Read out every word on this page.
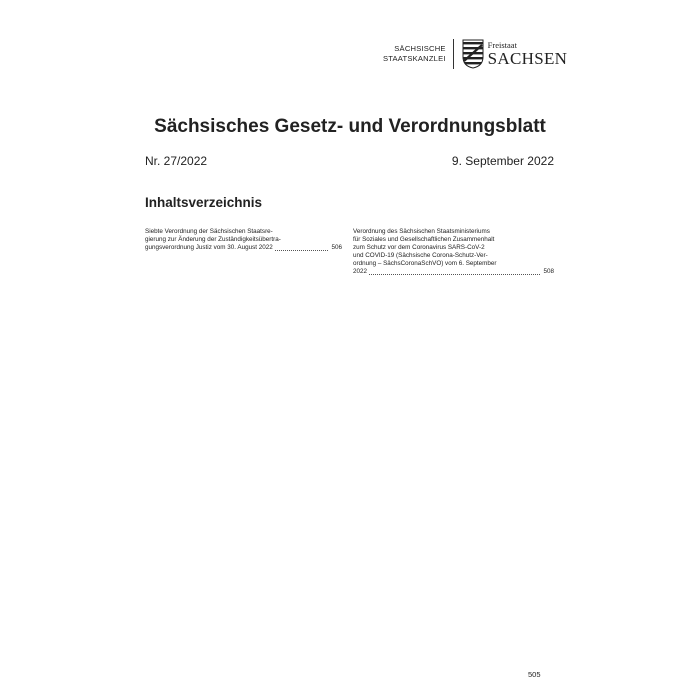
SÄCHSISCHE
STAATSKANZLEI
Freistaat
SACHSEN
Sächsisches Gesetz- und Verordnungsblatt
Nr. 27/2022	9. September 2022
Inhaltsverzeichnis
Siebte Verordnung der Sächsischen Staatsre-
gierung zur Änderung der Zuständigkeitsübertra-
gungsverordnung Justiz vom 30. August 2022	506
Verordnung des Sächsischen Staatsministeriums
für Soziales und Gesellschaftlichen Zusammenhalt
zum Schutz vor dem Coronavirus SARS-CoV-2
und COVID-19 (Sächsische Corona-Schutz-Ver-
ordnung – SächsCoronaSchVO) vom 6. September
2022	508
505
